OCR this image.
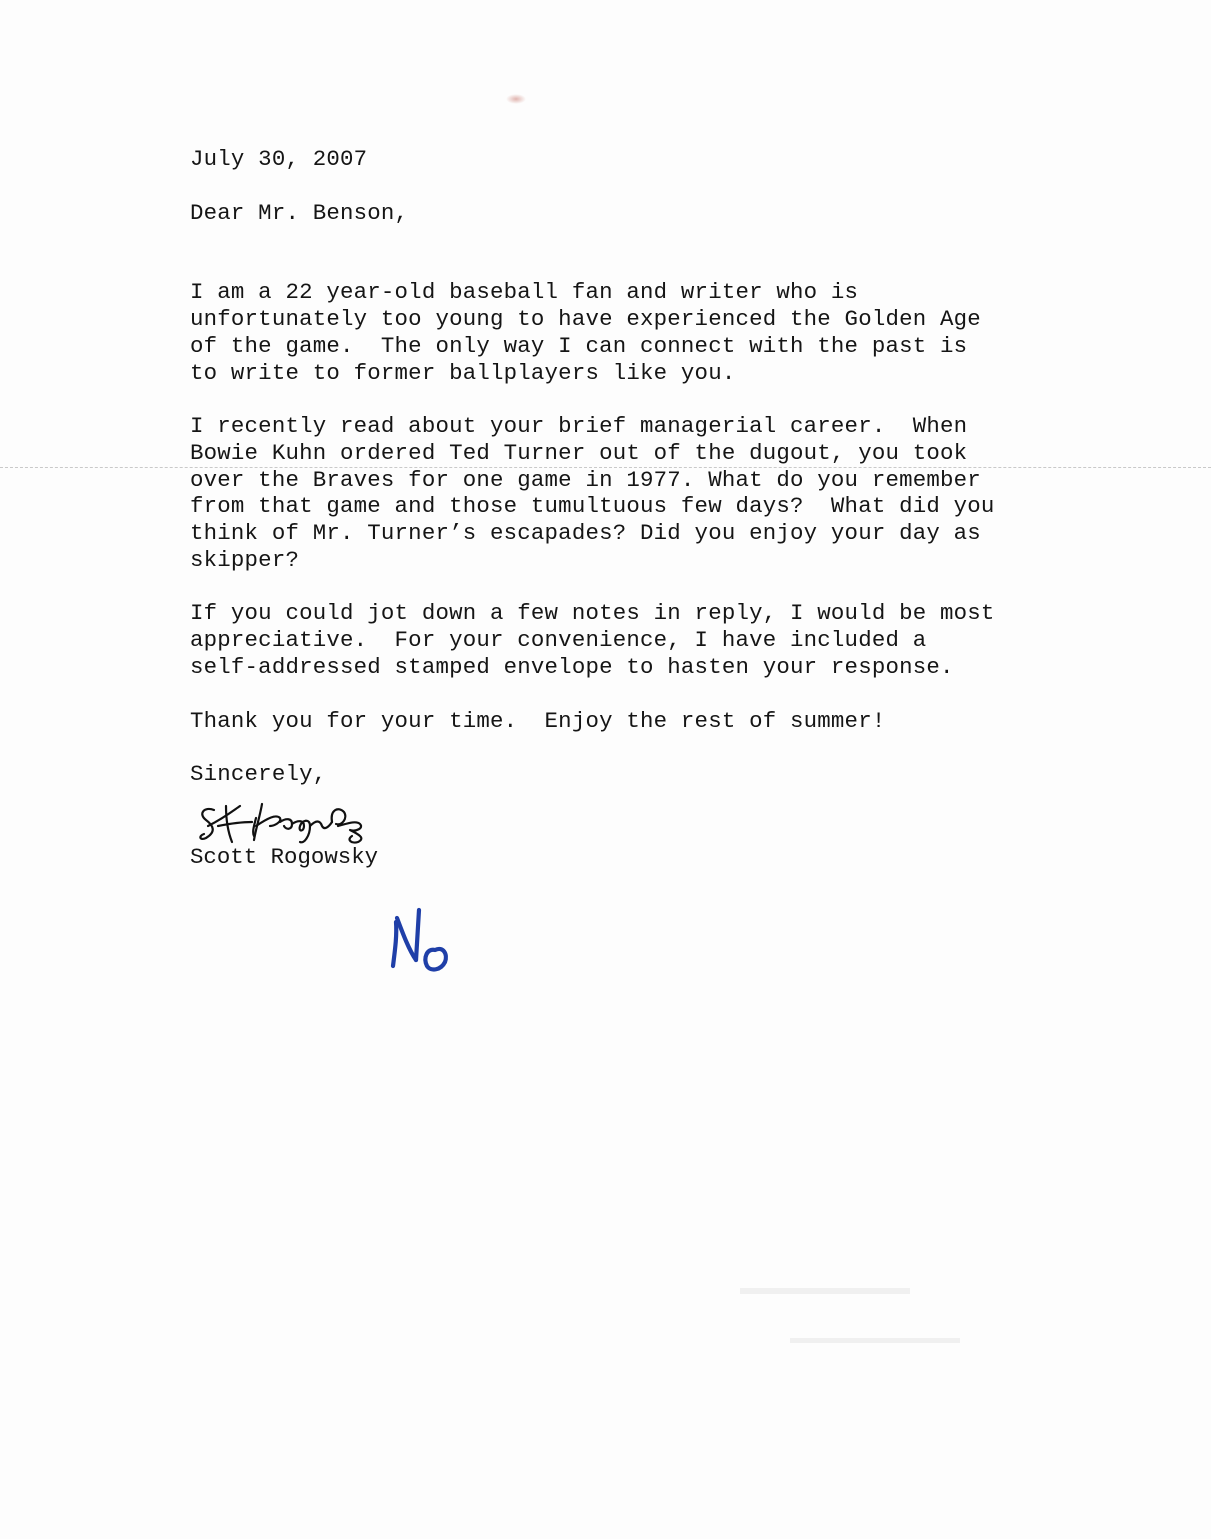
July 30, 2007
Dear Mr. Benson,
I am a 22 year-old baseball fan and writer who is
unfortunately too young to have experienced the Golden Age
of the game.  The only way I can connect with the past is
to write to former ballplayers like you.
I recently read about your brief managerial career.  When
Bowie Kuhn ordered Ted Turner out of the dugout, you took
over the Braves for one game in 1977. What do you remember
from that game and those tumultuous few days?  What did you
think of Mr. Turner’s escapades? Did you enjoy your day as
skipper?
If you could jot down a few notes in reply, I would be most
appreciative.  For your convenience, I have included a
self-addressed stamped envelope to hasten your response.
Thank you for your time.  Enjoy the rest of summer!
Sincerely,
Scott Rogowsky
